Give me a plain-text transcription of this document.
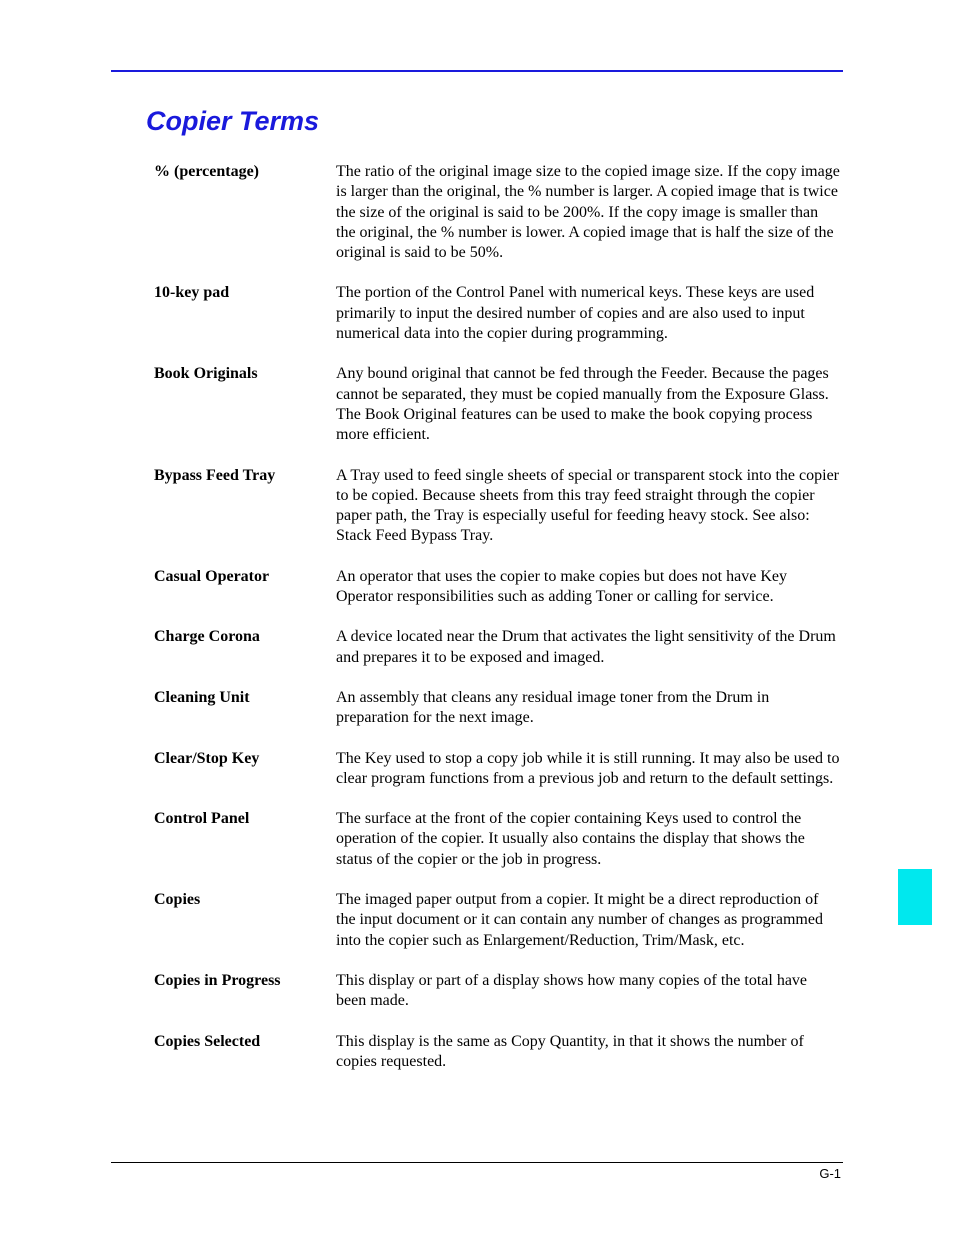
Copier Terms
% (percentage)	The ratio of the original image size to the copied image size. If the copy image is larger than the original, the % number is larger. A copied image that is twice the size of the original is said to be 200%. If the copy image is smaller than the original, the % number is lower. A copied image that is half the size of the original is said to be 50%.
10-key pad	The portion of the Control Panel with numerical keys. These keys are used primarily to input the desired number of copies and are also used to input numerical data into the copier during programming.
Book Originals	Any bound original that cannot be fed through the Feeder. Because the pages cannot be separated, they must be copied manually from the Exposure Glass. The Book Original features can be used to make the book copying process more efficient.
Bypass Feed Tray	A Tray used to feed single sheets of special or transparent stock into the copier to be copied. Because sheets from this tray feed straight through the copier paper path, the Tray is especially useful for feeding heavy stock. See also: Stack Feed Bypass Tray.
Casual Operator	An operator that uses the copier to make copies but does not have Key Operator responsibilities such as adding Toner or calling for service.
Charge Corona	A device located near the Drum that activates the light sensitivity of the Drum and prepares it to be exposed and imaged.
Cleaning Unit	An assembly that cleans any residual image toner from the Drum in preparation for the next image.
Clear/Stop Key	The Key used to stop a copy job while it is still running. It may also be used to clear program functions from a previous job and return to the default settings.
Control Panel	The surface at the front of the copier containing Keys used to control the operation of the copier. It usually also contains the display that shows the status of the copier or the job in progress.
Copies	The imaged paper output from a copier. It might be a direct reproduction of the input document or it can contain any number of changes as programmed into the copier such as Enlargement/Reduction, Trim/Mask, etc.
Copies in Progress	This display or part of a display shows how many copies of the total have been made.
Copies Selected	This display is the same as Copy Quantity, in that it shows the number of copies requested.
G-1
